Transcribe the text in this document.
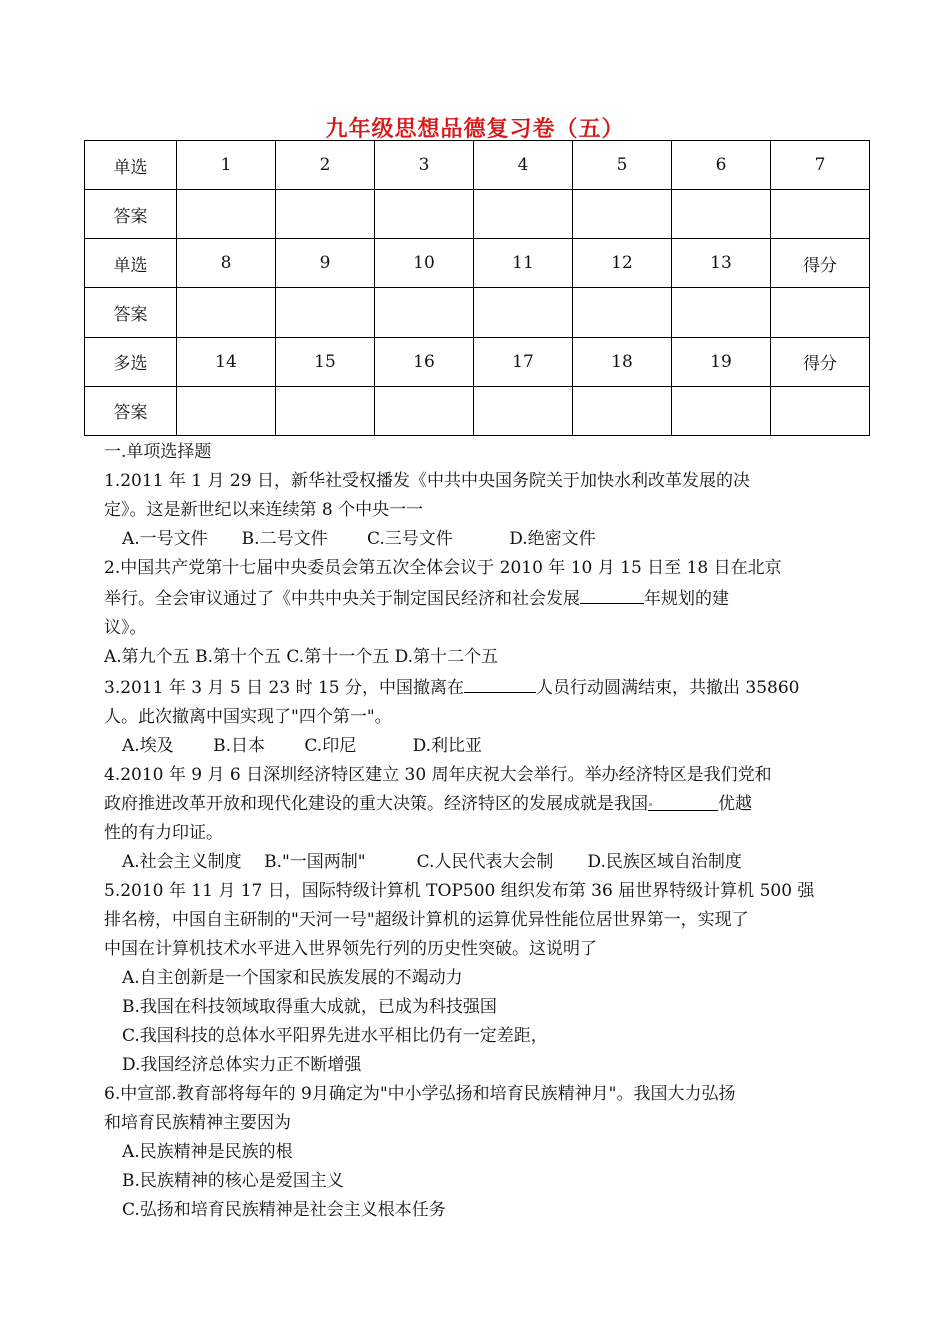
九年级思想品德复习卷（五）
单选	1	2	3	4	5	6	7
答案							
单选	8	9	10	11	12	13	得分
答案							
多选	14	15	16	17	18	19	得分
答案							

一.单项选择题

1.2011 年 1 月 29 日，新华社受权播发《中共中央国务院关于加快水利改革发展的决

定》。这是新世纪以来连续第 8 个中央一一

A.一号文件　　B.二号文件　　 C.三号文件　　　 D.绝密文件

2.中国共产党第十七届中央委员会第五次全体会议于 2010 年 10 月 15 日至 18 日在北京

举行。全会审议通过了《中共中央关于制定国民经济和社会发展	年规划的建

议》。

A.第九个五 B.第十个五 C.第十一个五 D.第十二个五

3.2011 年 3 月 5 日 23 时 15 分，中国撤离在	人员行动圆满结束，共撤出 35860

人。此次撤离中国实现了"四个第一"。

A.埃及　　 B.日本　　 C.印尼　　　 D.利比亚

4.2010 年 9 月 6 日深圳经济特区建立 30 周年庆祝大会举行。举办经济特区是我们党和

政府推进改革开放和现代化建设的重大决策。经济特区的发展成就是我国	优越

性的有力印证。

A.社会主义制度　 B."一国两制"　　　C.人民代表大会制　　D.民族区域自治制度

5.2010 年 11 月 17 日，国际特级计算机 TOP500 组织发布第 36 届世界特级计算机 500 强

排名榜，中国自主研制的"天河一号"超级计算机的运算优异性能位居世界第一，实现了

中国在计算机技术水平进入世界领先行列的历史性突破。这说明了

A.自主创新是一个国家和民族发展的不竭动力

B.我国在科技领域取得重大成就，已成为科技强国

C.我国科技的总体水平阳界先进水平相比仍有一定差距，

D.我国经济总体实力正不断增强

6.中宣部.教育部将每年的 9月确定为"中小学弘扬和培育民族精神月"。我国大力弘扬

和培育民族精神主要因为

A.民族精神是民族的根

B.民族精神的核心是爱国主义

C.弘扬和培育民族精神是社会主义根本任务
